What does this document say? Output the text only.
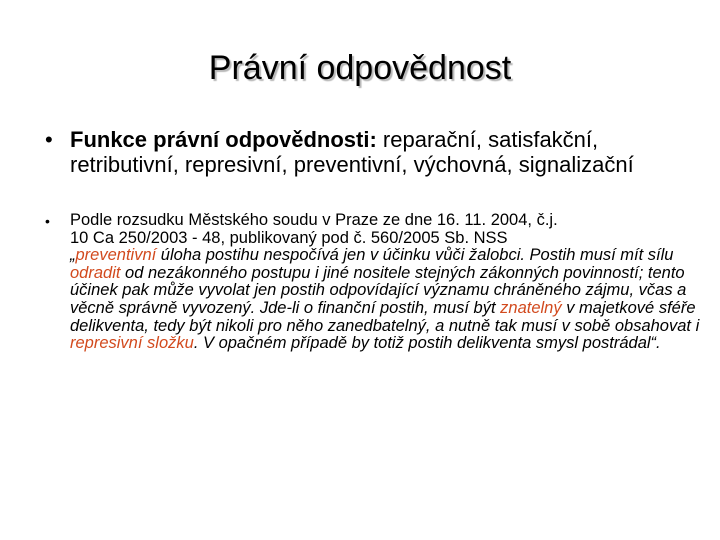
Právní odpovědnost
• Funkce právní odpovědnosti: reparační, satisfakční, retributivní, represivní, preventivní, výchovná, signalizační
• Podle rozsudku Městského soudu v Praze ze dne 16. 11. 2004, č.j.
10 Ca 250/2003 - 48, publikovaný pod č. 560/2005 Sb. NSS
„preventivní úloha postihu nespočívá jen v účinku vůči žalobci. Postih musí mít sílu odradit od nezákonného postupu i jiné nositele stejných zákonných povinností; tento účinek pak může vyvolat jen postih odpovídající významu chráněného zájmu, včas a věcně správně vyvozený. Jde-li o finanční postih, musí být znatelný v majetkové sféře delikventa, tedy být nikoli pro něho zanedbatelný, a nutně tak musí v sobě obsahovat i represivní složku. V opačném případě by totiž postih delikventa smysl postrádal“.
